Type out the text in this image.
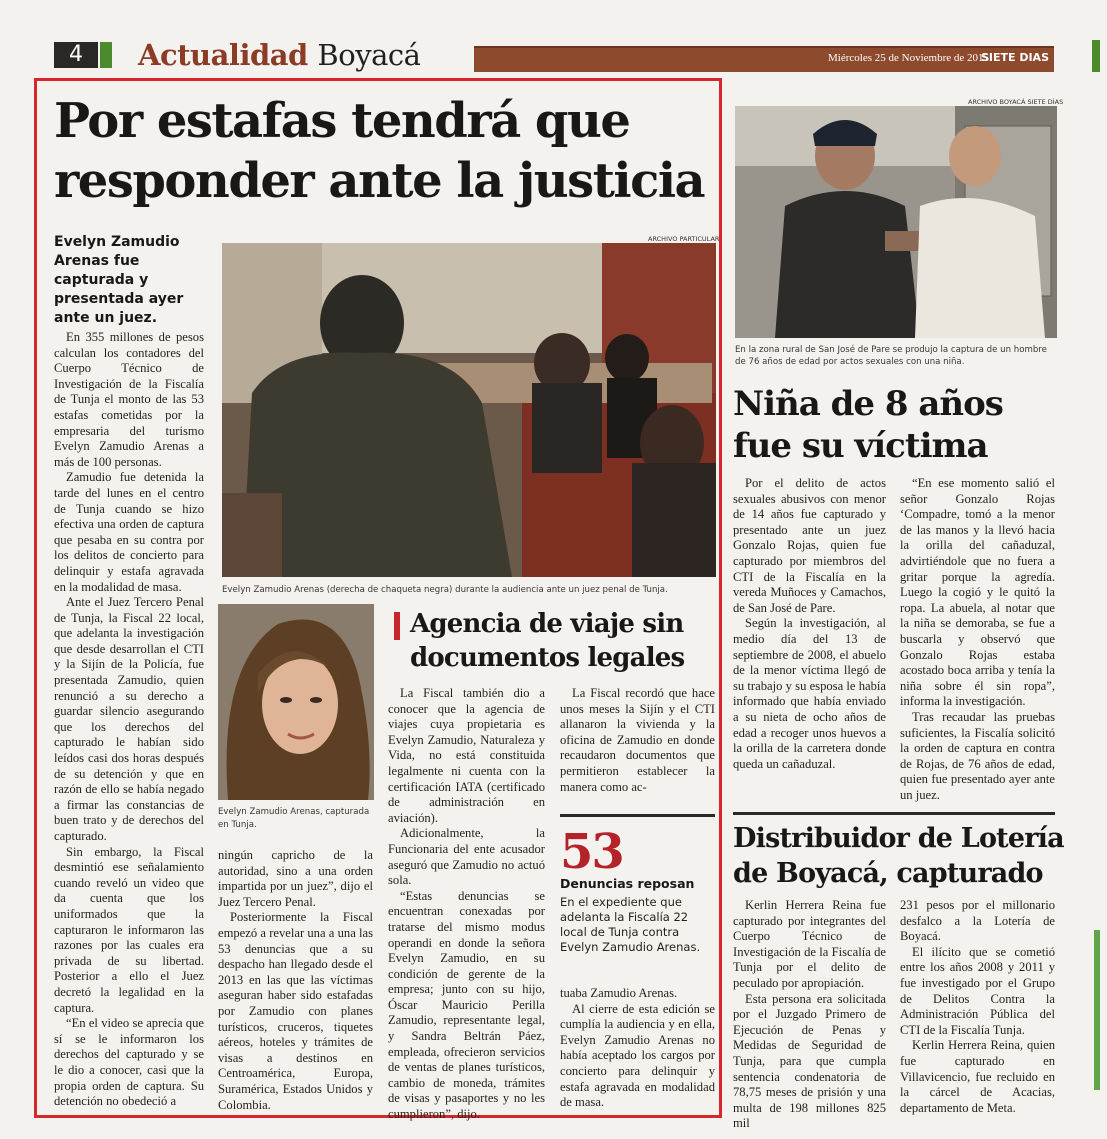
4	Actualidad Boyacá	Miércoles 25 de Noviembre de 2015
SIETE DIAS
Por estafas tendrá que
responder ante la justicia
Evelyn Zamudio Arenas fue capturada y presentada ayer ante un juez.
ARCHIVO PARTICULAR
Evelyn Zamudio Arenas (derecha de chaqueta negra) durante la audiencia ante un juez penal de Tunja.

En 355 millones de pesos calculan los contadores del Cuerpo Técnico de Investigación de la Fiscalía de Tunja el monto de las 53 estafas cometidas por la empresaria del turismo Evelyn Zamudio Arenas a más de 100 personas.

Zamudio fue detenida la tarde del lunes en el centro de Tunja cuando se hizo efectiva una orden de captura que pesaba en su contra por los delitos de concierto para delinquir y estafa agravada en la modalidad de masa.

Ante el Juez Tercero Penal de Tunja, la Fiscal 22 local, que adelanta la investigación que desde desarrollan el CTI y la Sijín de la Policía, fue presentada Zamudio, quien renunció a su derecho a guardar silencio asegurando que los derechos del capturado le habían sido leídos casi dos horas después de su detención y que en razón de ello se había negado a firmar las constancias de buen trato y de derechos del capturado.

Sin embargo, la Fiscal desmintió ese señalamiento cuando reveló un video que da cuenta que los uniformados que la capturaron le informaron las razones por las cuales era privada de su libertad. Posterior a ello el Juez decretó la legalidad en la captura.

“En el video se aprecia que sí se le informaron los derechos del capturado y se le dio a conocer, casi que la propia orden de captura. Su detención no obedeció a

Evelyn Zamudio Arenas, capturada en Tunja.

ningún capricho de la autoridad, sino a una orden impartida por un juez”, dijo el Juez Tercero Penal.

Posteriormente la Fiscal empezó a revelar una a una las 53 denuncias que a su despacho han llegado desde el 2013 en las que las víctimas aseguran haber sido estafadas por Zamudio con planes turísticos, cruceros, tiquetes aéreos, hoteles y trámites de visas a destinos en Centroamérica, Europa, Suramérica, Estados Unidos y Colombia.

Agencia de viaje sin
documentos legales

La Fiscal también dio a conocer que la agencia de viajes cuya propietaria es Evelyn Zamudio, Naturaleza y Vida, no está constituida legalmente ni cuenta con la certificación IATA (certificado de administración en aviación).

Adicionalmente, la Funcionaria del ente acusador aseguró que Zamudio no actuó sola.

“Estas denuncias se encuentran conexadas por tratarse del mismo modus operandi en donde la señora Evelyn Zamudio, en su condición de gerente de la empresa; junto con su hijo, Óscar Mauricio Perilla Zamudio, representante legal, y Sandra Beltrán Páez, empleada, ofrecieron servicios de ventas de planes turísticos, cambio de moneda, trámites de visas y pasaportes y no les cumplieron”, dijo.

La Fiscal recordó que hace unos meses la Sijín y el CTI allanaron la vivienda y la oficina de Zamudio en donde recaudaron documentos que permitieron establecer la manera como ac-

53
Denuncias reposan
En el expediente que adelanta la Fiscalía 22 local de Tunja contra Evelyn Zamudio Arenas.

tuaba Zamudio Arenas.

Al cierre de esta edición se cumplía la audiencia y en ella, Evelyn Zamudio Arenas no había aceptado los cargos por concierto para delinquir y estafa agravada en modalidad de masa.

ARCHIVO BOYACÁ SIETE DÍAS
En la zona rural de San José de Pare se produjo la captura de un hombre de 76 años de edad por actos sexuales con una niña.
Niña de 8 años
fue su víctima

Por el delito de actos sexuales abusivos con menor de 14 años fue capturado y presentado ante un juez Gonzalo Rojas, quien fue capturado por miembros del CTI de la Fiscalía en la vereda Muñoces y Camachos, de San José de Pare.

Según la investigación, al medio día del 13 de septiembre de 2008, el abuelo de la menor víctima llegó de su trabajo y su esposa le había informado que había enviado a su nieta de ocho años de edad a recoger unos huevos a la orilla de la carretera donde queda un cañaduzal.

“En ese momento salió el señor Gonzalo Rojas ‘Compadre, tomó a la menor de las manos y la llevó hacia la orilla del cañaduzal, advirtiéndole que no fuera a gritar porque la agredía. Luego la cogió y le quitó la ropa. La abuela, al notar que la niña se demoraba, se fue a buscarla y observó que Gonzalo Rojas estaba acostado boca arriba y tenía la niña sobre él sin ropa”, informa la investigación.

Tras recaudar las pruebas suficientes, la Fiscalía solicitó la orden de captura en contra de Rojas, de 76 años de edad, quien fue presentado ayer ante un juez.

Distribuidor de Lotería
de Boyacá, capturado

Kerlin Herrera Reina fue capturado por integrantes del Cuerpo Técnico de Investigación de la Fiscalía de Tunja por el delito de peculado por apropiación.

Esta persona era solicitada por el Juzgado Primero de Ejecución de Penas y Medidas de Seguridad de Tunja, para que cumpla sentencia condenatoria de 78,75 meses de prisión y una multa de 198 millones 825 mil

231 pesos por el millonario desfalco a la Lotería de Boyacá.

El ilícito que se cometió entre los años 2008 y 2011 y fue investigado por el Grupo de Delitos Contra la Administración Pública del CTI de la Fiscalía Tunja.

Kerlin Herrera Reina, quien fue capturado en Villavicencio, fue recluido en la cárcel de Acacias, departamento de Meta.
